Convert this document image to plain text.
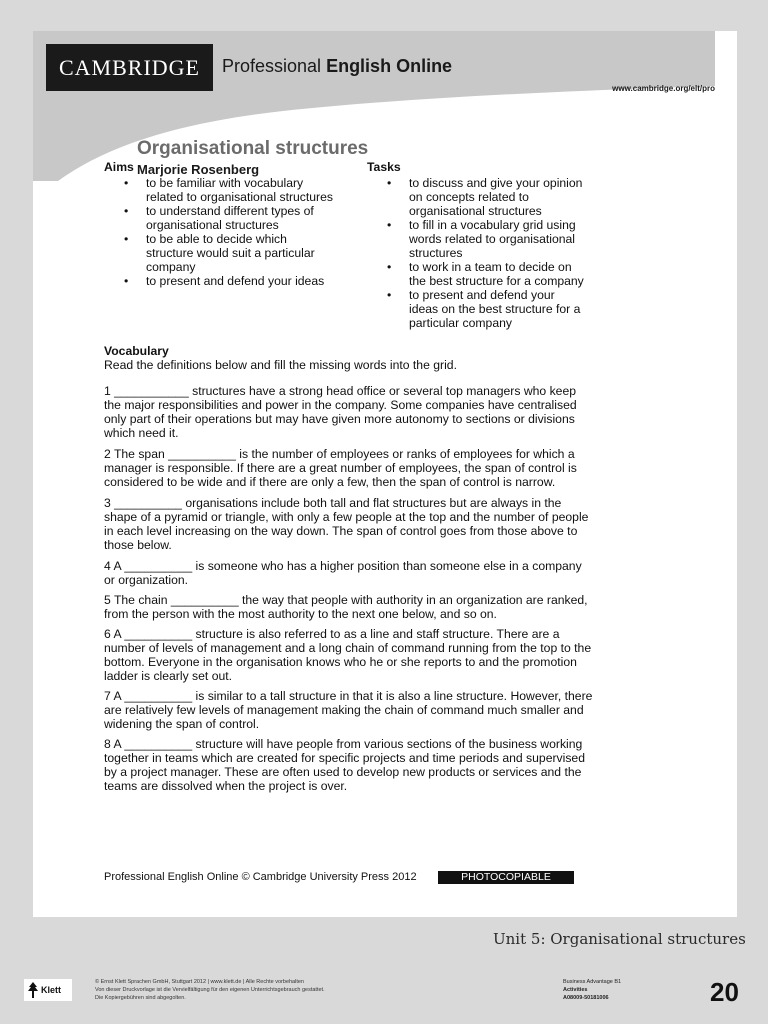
CAMBRIDGE	Professional English Online
www.cambridge.org/elt/pro
Organisational structures
Marjorie Rosenberg
Aims
• to be familiar with vocabulary related to organisational structures
• to understand different types of organisational structures
• to be able to decide which structure would suit a particular company
• to present and defend your ideas
Tasks
• to discuss and give your opinion on concepts related to organisational structures
• to fill in a vocabulary grid using words related to organisational structures
• to work in a team to decide on the best structure for a company
• to present and defend your ideas on the best structure for a particular company
Vocabulary

Read the definitions below and fill the missing words into the grid.

1 ___________ structures have a strong head office or several top managers who keep the major responsibilities and power in the company. Some companies have centralised only part of their operations but may have given more autonomy to sections or divisions which need it.

2 The span __________ is the number of employees or ranks of employees for which a manager is responsible. If there are a great number of employees, the span of control is considered to be wide and if there are only a few, then the span of control is narrow.

3 __________ organisations include both tall and flat structures but are always in the shape of a pyramid or triangle, with only a few people at the top and the number of people in each level increasing on the way down. The span of control goes from those above to those below.

4 A __________ is someone who has a higher position than someone else in a company or organization.

5 The chain __________ the way that people with authority in an organization are ranked, from the person with the most authority to the next one below, and so on.

6 A __________ structure is also referred to as a line and staff structure. There are a number of levels of management and a long chain of command running from the top to the bottom. Everyone in the organisation knows who he or she reports to and the promotion ladder is clearly set out.

7 A __________ is similar to a tall structure in that it is also a line structure. However, there are relatively few levels of management making the chain of command much smaller and widening the span of control.

8 A __________ structure will have people from various sections of the business working together in teams which are created for specific projects and time periods and supervised by a project manager. These are often used to develop new products or services and the teams are dissolved when the project is over.

Professional English Online © Cambridge University Press 2012	PHOTOCOPIABLE
Unit 5: Organisational structures
Klett
© Ernst Klett Sprachen GmbH, Stuttgart 2012 | www.klett.de | Alle Rechte vorbehalten
Von dieser Druckvorlage ist die Vervielfältigung für den eigenen Unterrichtsgebrauch gestattet.
Die Kopiergebühren sind abgegolten.
Business Advantage B1
Activities
A08009-50181006	20
